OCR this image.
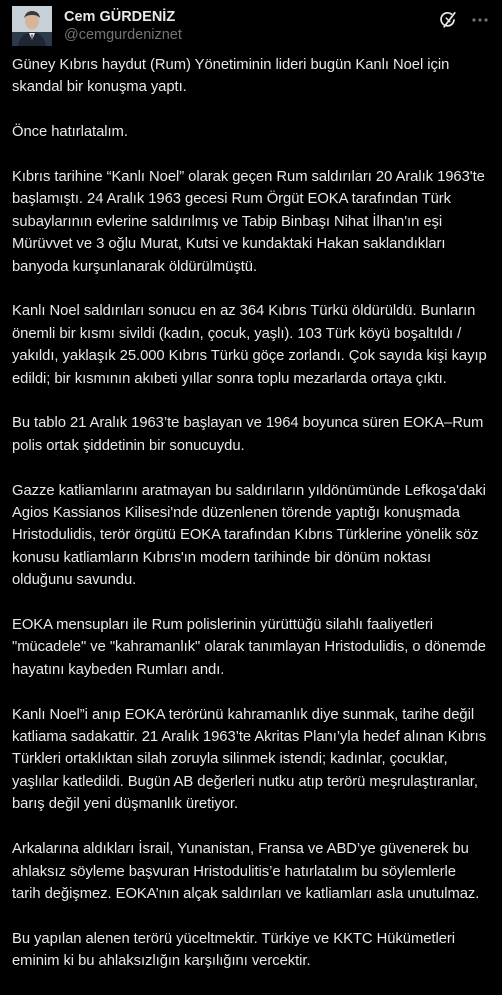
Cem GÜRDENİZ
@cemgurdeniznet

Güney Kıbrıs haydut (Rum) Yönetiminin lideri bugün Kanlı Noel için
skandal bir konuşma yaptı.

Önce hatırlatalım.

Kıbrıs tarihine “Kanlı Noel” olarak geçen Rum saldırıları 20 Aralık 1963'te
başlamıştı. 24 Aralık 1963 gecesi Rum Örgüt EOKA tarafından Türk
subaylarının evlerine saldırılmış ve Tabip Binbaşı Nihat İlhan'ın eşi
Mürüvvet ve 3 oğlu Murat, Kutsi ve kundaktaki Hakan saklandıkları
banyoda kurşunlanarak öldürülmüştü.

Kanlı Noel saldırıları sonucu en az 364 Kıbrıs Türkü öldürüldü. Bunların
önemli bir kısmı sivildi (kadın, çocuk, yaşlı). 103 Türk köyü boşaltıldı /
yakıldı, yaklaşık 25.000 Kıbrıs Türkü göçe zorlandı. Çok sayıda kişi kayıp
edildi; bir kısmının akıbeti yıllar sonra toplu mezarlarda ortaya çıktı.

Bu tablo 21 Aralık 1963’te başlayan ve 1964 boyunca süren EOKA–Rum
polis ortak şiddetinin bir sonucuydu.

Gazze katliamlarını aratmayan bu saldırıların yıldönümünde Lefkoşa'daki
Agios Kassianos Kilisesi'nde düzenlenen törende yaptığı konuşmada
Hristodulidis, terör örgütü EOKA tarafından Kıbrıs Türklerine yönelik söz
konusu katliamların Kıbrıs'ın modern tarihinde bir dönüm noktası
olduğunu savundu.

EOKA mensupları ile Rum polislerinin yürüttüğü silahlı faaliyetleri
"mücadele" ve "kahramanlık" olarak tanımlayan Hristodulidis, o dönemde
hayatını kaybeden Rumları andı.

Kanlı Noel”i anıp EOKA terörünü kahramanlık diye sunmak, tarihe değil
katliama sadakattir. 21 Aralık 1963’te Akritas Planı’yla hedef alınan Kıbrıs
Türkleri ortaklıktan silah zoruyla silinmek istendi; kadınlar, çocuklar,
yaşlılar katledildi. Bugün AB değerleri nutku atıp terörü meşrulaştıranlar,
barış değil yeni düşmanlık üretiyor.

Arkalarına aldıkları İsrail, Yunanistan, Fransa ve ABD’ye güvenerek bu
ahlaksız söyleme başvuran Hristodulitis’e hatırlatalım bu söylemlerle
tarih değişmez. EOKA’nın alçak saldırıları ve katliamları asla unutulmaz.

Bu yapılan alenen terörü yüceltmektir. Türkiye ve KKTC Hükümetleri
eminim ki bu ahlaksızlığın karşılığını vercektir.
